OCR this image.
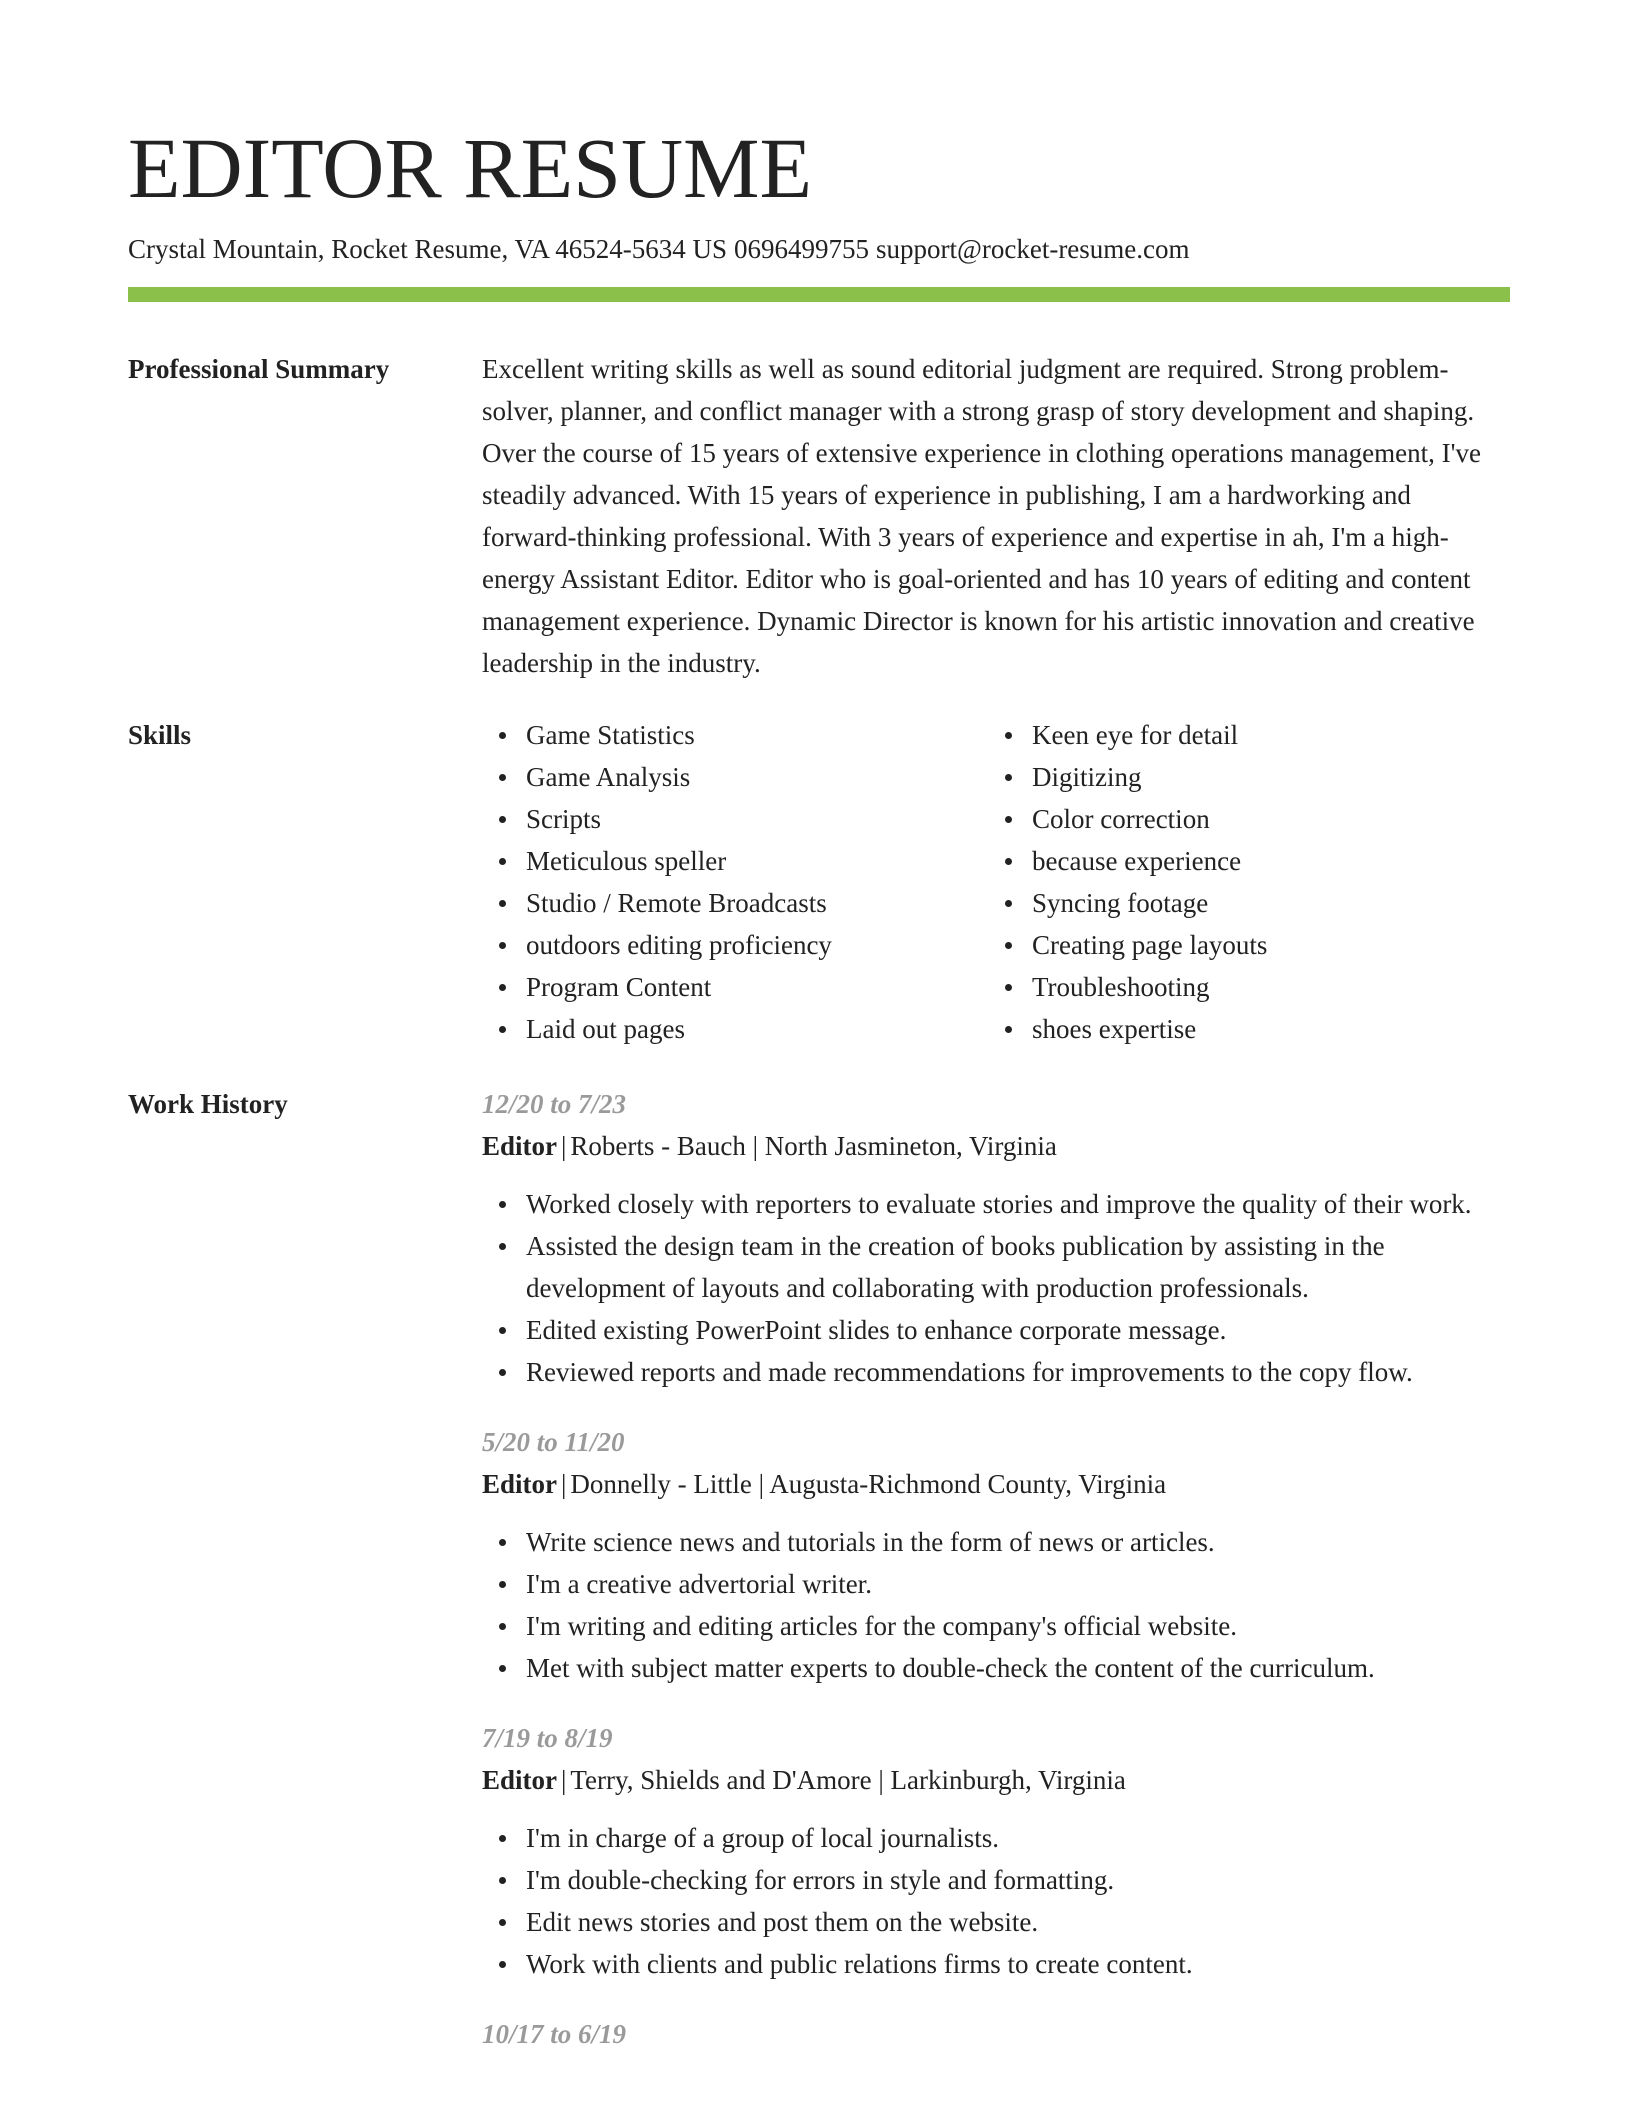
EDITOR RESUME
Crystal Mountain, Rocket Resume, VA 46524-5634 US 0696499755 support@rocket-resume.com
Professional Summary	Excellent writing skills as well as sound editorial judgment are required. Strong problem-solver, planner, and conflict manager with a strong grasp of story development and shaping. Over the course of 15 years of extensive experience in clothing operations management, I've steadily advanced. With 15 years of experience in publishing, I am a hardworking and forward-thinking professional. With 3 years of experience and expertise in ah, I'm a high-energy Assistant Editor. Editor who is goal-oriented and has 10 years of editing and content management experience. Dynamic Director is known for his artistic innovation and creative leadership in the industry.

Skills	Game Statistics
Game Analysis
Scripts
Meticulous speller
Studio / Remote Broadcasts
outdoors editing proficiency
Program Content
Laid out pages
Keen eye for detail
Digitizing
Color correction
because experience
Syncing footage
Creating page layouts
Troubleshooting
shoes expertise
Work History	12/20 to 7/23
Editor | Roberts - Bauch | North Jasmineton, Virginia
Worked closely with reporters to evaluate stories and improve the quality of their work.
Assisted the design team in the creation of books publication by assisting in the development of layouts and collaborating with production professionals.
Edited existing PowerPoint slides to enhance corporate message.
Reviewed reports and made recommendations for improvements to the copy flow.
5/20 to 11/20
Editor | Donnelly - Little | Augusta-Richmond County, Virginia
Write science news and tutorials in the form of news or articles.
I'm a creative advertorial writer.
I'm writing and editing articles for the company's official website.
Met with subject matter experts to double-check the content of the curriculum.
7/19 to 8/19
Editor | Terry, Shields and D'Amore | Larkinburgh, Virginia
I'm in charge of a group of local journalists.
I'm double-checking for errors in style and formatting.
Edit news stories and post them on the website.
Work with clients and public relations firms to create content.
10/17 to 6/19
